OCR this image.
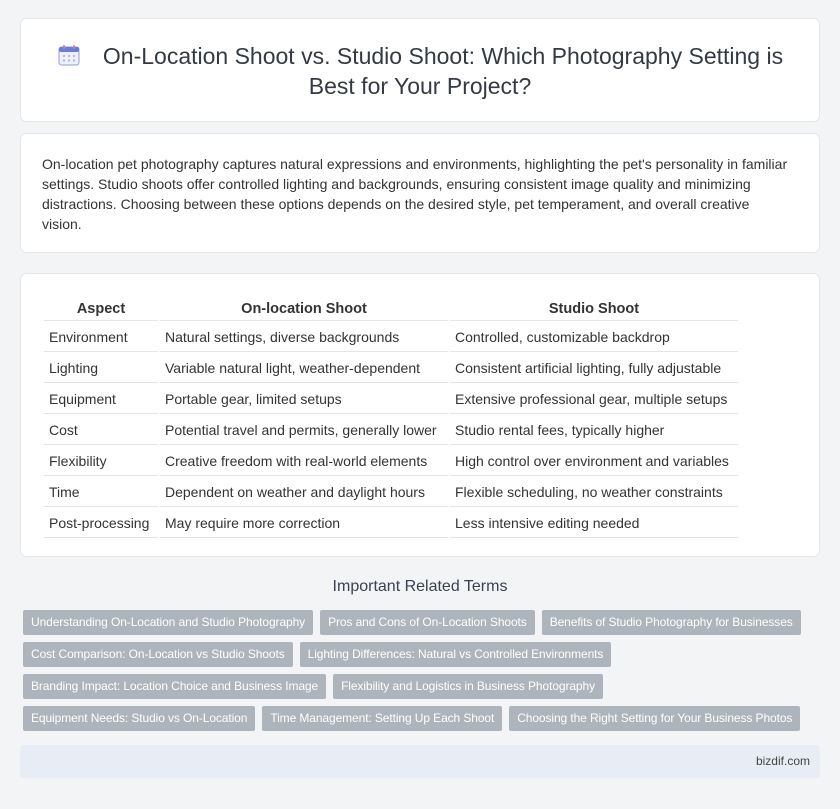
On-Location Shoot vs. Studio Shoot: Which Photography Setting is Best for Your Project?

On-location pet photography captures natural expressions and environments, highlighting the pet's personality in familiar settings. Studio shoots offer controlled lighting and backgrounds, ensuring consistent image quality and minimizing distractions. Choosing between these options depends on the desired style, pet temperament, and overall creative vision.

Aspect	On-location Shoot	Studio Shoot
Environment	Natural settings, diverse backgrounds	Controlled, customizable backdrop
Lighting	Variable natural light, weather-dependent	Consistent artificial lighting, fully adjustable
Equipment	Portable gear, limited setups	Extensive professional gear, multiple setups
Cost	Potential travel and permits, generally lower	Studio rental fees, typically higher
Flexibility	Creative freedom with real-world elements	High control over environment and variables
Time	Dependent on weather and daylight hours	Flexible scheduling, no weather constraints
Post-processing	May require more correction	Less intensive editing needed
Important Related Terms
Understanding On-Location and Studio Photography	Pros and Cons of On-Location Shoots	Benefits of Studio Photography for Businesses
Cost Comparison: On-Location vs Studio Shoots	Lighting Differences: Natural vs Controlled Environments
Branding Impact: Location Choice and Business Image	Flexibility and Logistics in Business Photography
Equipment Needs: Studio vs On-Location	Time Management: Setting Up Each Shoot	Choosing the Right Setting for Your Business Photos
bizdif.com
